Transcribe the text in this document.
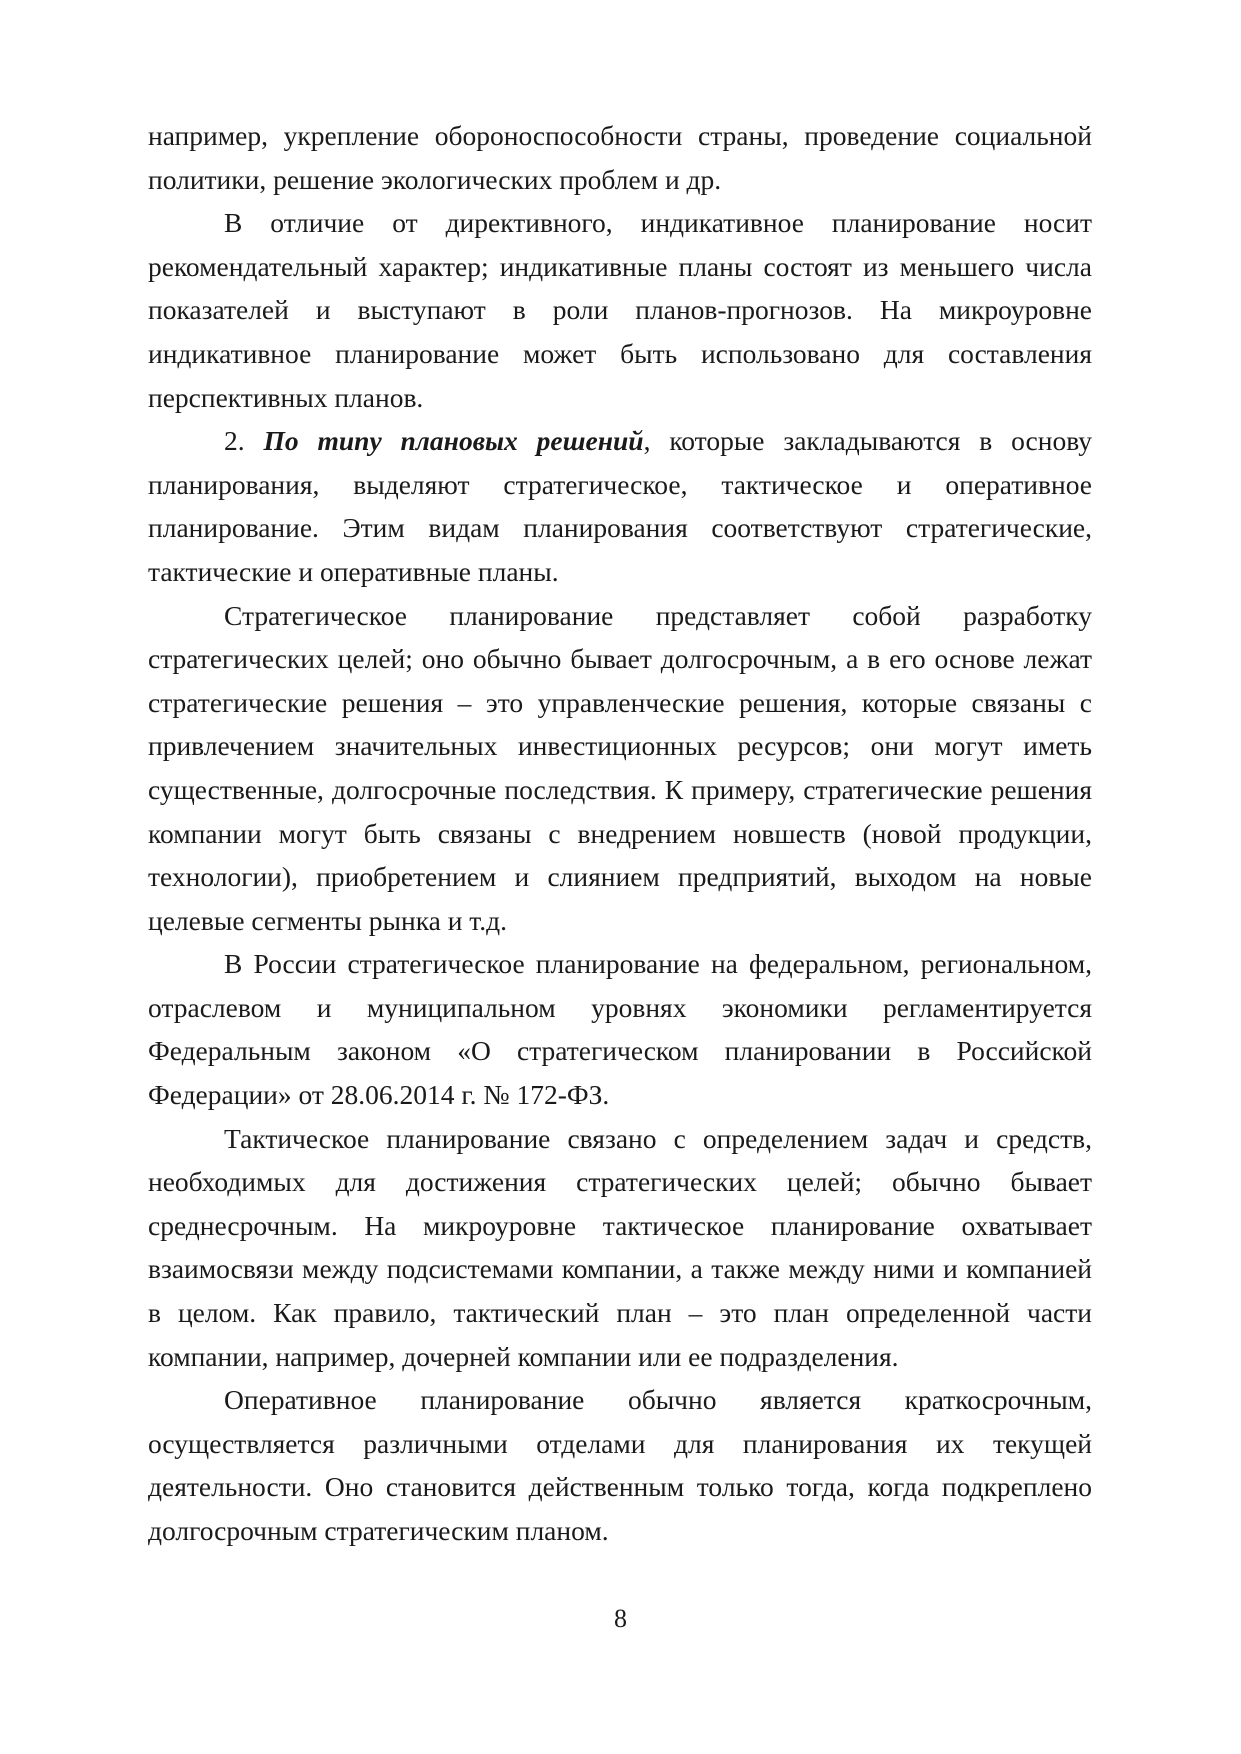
например, укрепление обороноспособности страны, проведение социальной политики, решение экологических проблем и др.

В отличие от директивного, индикативное планирование носит рекомендательный характер; индикативные планы состоят из меньшего числа показателей и выступают в роли планов-прогнозов. На микроуровне индикативное планирование может быть использовано для составления перспективных планов.

2. По типу плановых решений, которые закладываются в основу планирования, выделяют стратегическое, тактическое и оперативное планирование. Этим видам планирования соответствуют стратегические, тактические и оперативные планы.

Стратегическое планирование представляет собой разработку стратегических целей; оно обычно бывает долгосрочным, а в его основе лежат стратегические решения – это управленческие решения, которые связаны с привлечением значительных инвестиционных ресурсов; они могут иметь существенные, долгосрочные последствия. К примеру, стратегические решения компании могут быть связаны с внедрением новшеств (новой продукции, технологии), приобретением и слиянием предприятий, выходом на новые целевые сегменты рынка и т.д.

В России стратегическое планирование на федеральном, региональном, отраслевом и муниципальном уровнях экономики регламентируется Федеральным законом «О стратегическом планировании в Российской Федерации» от 28.06.2014 г. № 172-ФЗ.

Тактическое планирование связано с определением задач и средств, необходимых для достижения стратегических целей; обычно бывает среднесрочным. На микроуровне тактическое планирование охватывает взаимосвязи между подсистемами компании, а также между ними и компанией в целом. Как правило, тактический план – это план определенной части компании, например, дочерней компании или ее подразделения.

Оперативное планирование обычно является краткосрочным, осуществляется различными отделами для планирования их текущей деятельности. Оно становится действенным только тогда, когда подкреплено долгосрочным стратегическим планом.

8
